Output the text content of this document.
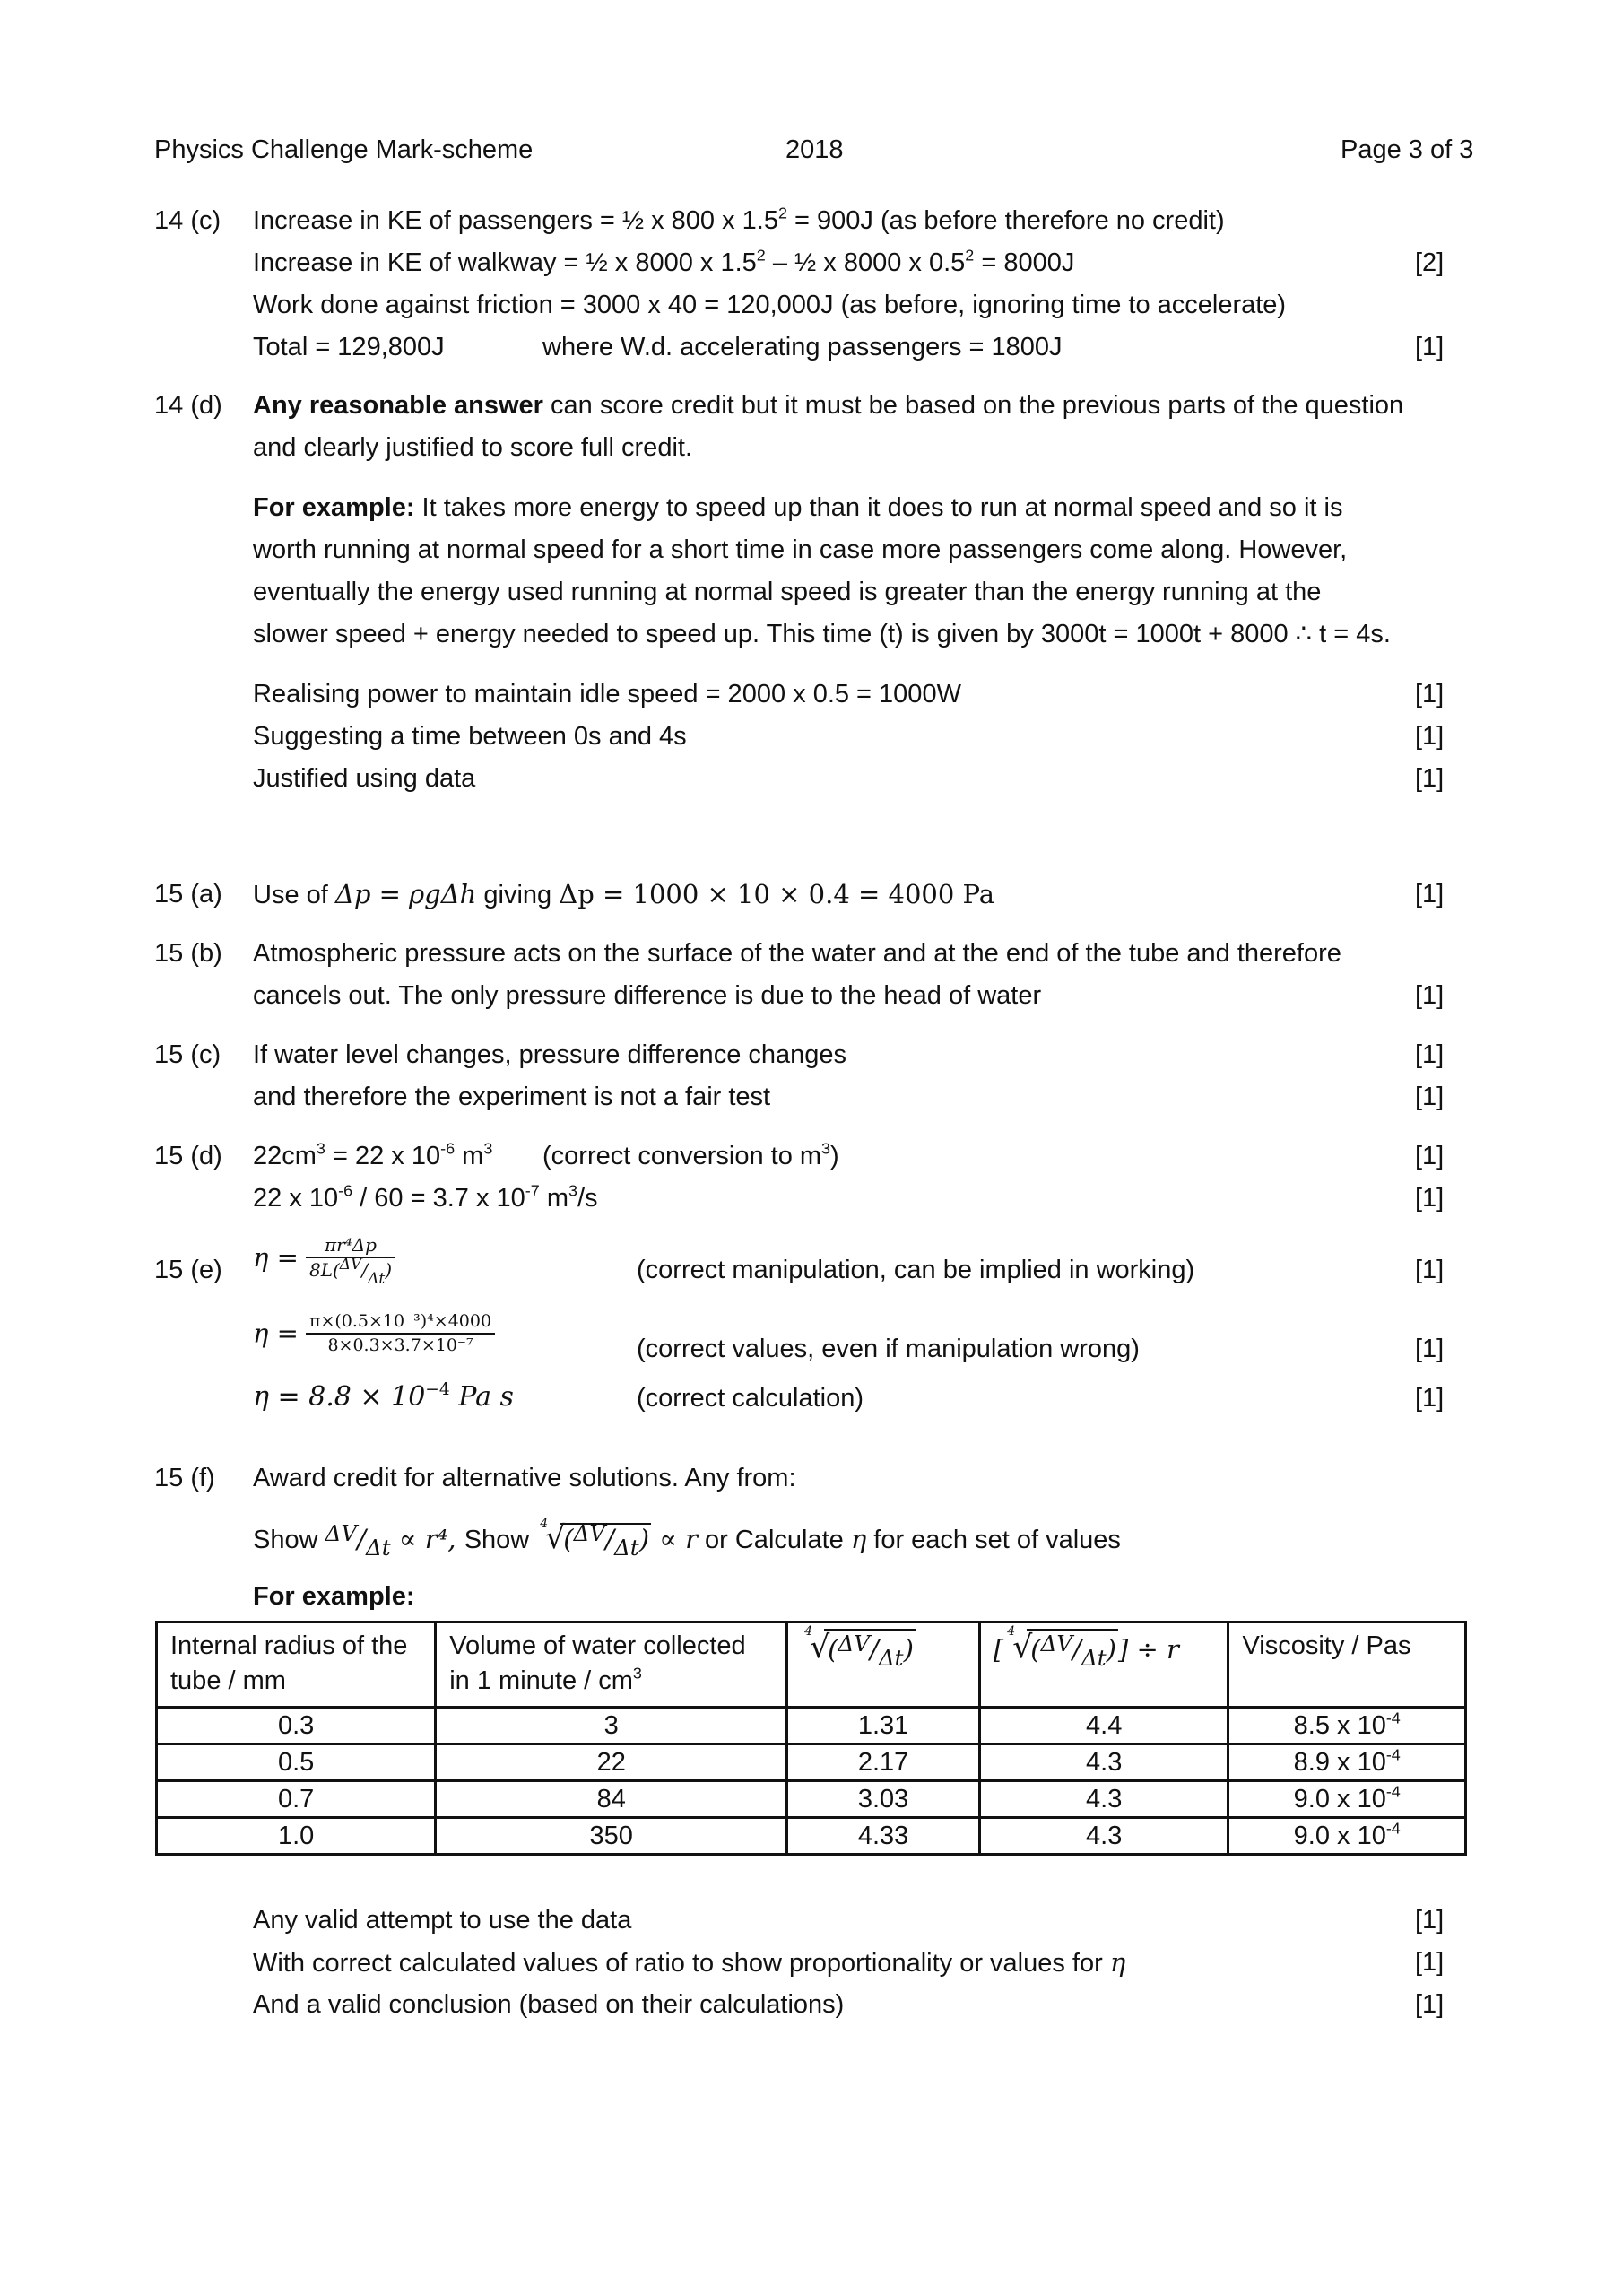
Physics Challenge Mark-scheme	2018	Page 3 of 3
14 (c) Increase in KE of passengers = ½ x 800 x $1.5^2 = 900J$ (as before therefore no credit)
Increase in KE of walkway = ½ x 8000 x $1.5^2$ – ½ x 8000 x $0.5^2 = 8000J$	[2]
Work done against friction = 3000 x 40 = 120,000J (as before, ignoring time to accelerate)
Total = 129,800J	where W.d. accelerating passengers = 1800J	[1]
14 (d) Any reasonable answer can score credit but it must be based on the previous parts of the question
and clearly justified to score full credit.
For example: It takes more energy to speed up than it does to run at normal speed and so it is
worth running at normal speed for a short time in case more passengers come along. However,
eventually the energy used running at normal speed is greater than the energy running at the
slower speed + energy needed to speed up. This time (t) is given by 3000t = 1000t + 8000 ∴ t = 4s.
Realising power to maintain idle speed = 2000 x 0.5 = 1000W	[1]
Suggesting a time between 0s and 4s	[1]
Justified using data	[1]
15 (a) Use of Δp = ρgΔh giving Δp = 1000 × 10 × 0.4 = 4000 Pa	[1]
15 (b) Atmospheric pressure acts on the surface of the water and at the end of the tube and therefore
cancels out. The only pressure difference is due to the head of water	[1]
15 (c) If water level changes, pressure difference changes	[1]
and therefore the experiment is not a fair test	[1]
15 (d) $22cm^3 = 22$ x $10^{-6}$ $m^3$ (correct conversion to $m^3$)	[1]
22 x $10^{-6} / 60 = 3.7$ x $10^{-7}$ $m^3/s$	[1]
15 (e) $\eta = \frac{\text{πr⁴Δp}}{8L(^{\Delta V}/_{\Delta t})}$	(correct manipulation, can be implied in working)	[1]
$\eta = \frac{\text{π×(0.5×10⁻³)⁴×4000}}{\text{8×0.3×3.7×10⁻⁷}}$	(correct values, even if manipulation wrong)	[1]
$\eta = 8.8 \times 10^{-4}$ Pa s	(correct calculation)	[1]
15 (f) Award credit for alternative solutions. Any from:
Show $^{\Delta V}/_{\Delta t} \propto r^4$, Show
4
√
$(^{\Delta V}/_{\Delta t}) \propto r$ or Calculate η for each set of values
For example:
Internal radius of the tube / mm	Volume of water collected in 1 minute / $cm^3$	4
√
$(^{\Delta V}/_{\Delta t})$	[
4
√
$(^{\Delta V}/_{\Delta t})] \div r$	Viscosity / Pas
0.3	3	1.31	4.4	8.5 x $10^{-4}$
0.5	22	2.17	4.3	8.9 x $10^{-4}$
0.7	84	3.03	4.3	9.0 x $10^{-4}$
1.0	350	4.33	4.3	9.0 x $10^{-4}$
Any valid attempt to use the data	[1]
With correct calculated values of ratio to show proportionality or values for η	[1]
And a valid conclusion (based on their calculations)	[1]
